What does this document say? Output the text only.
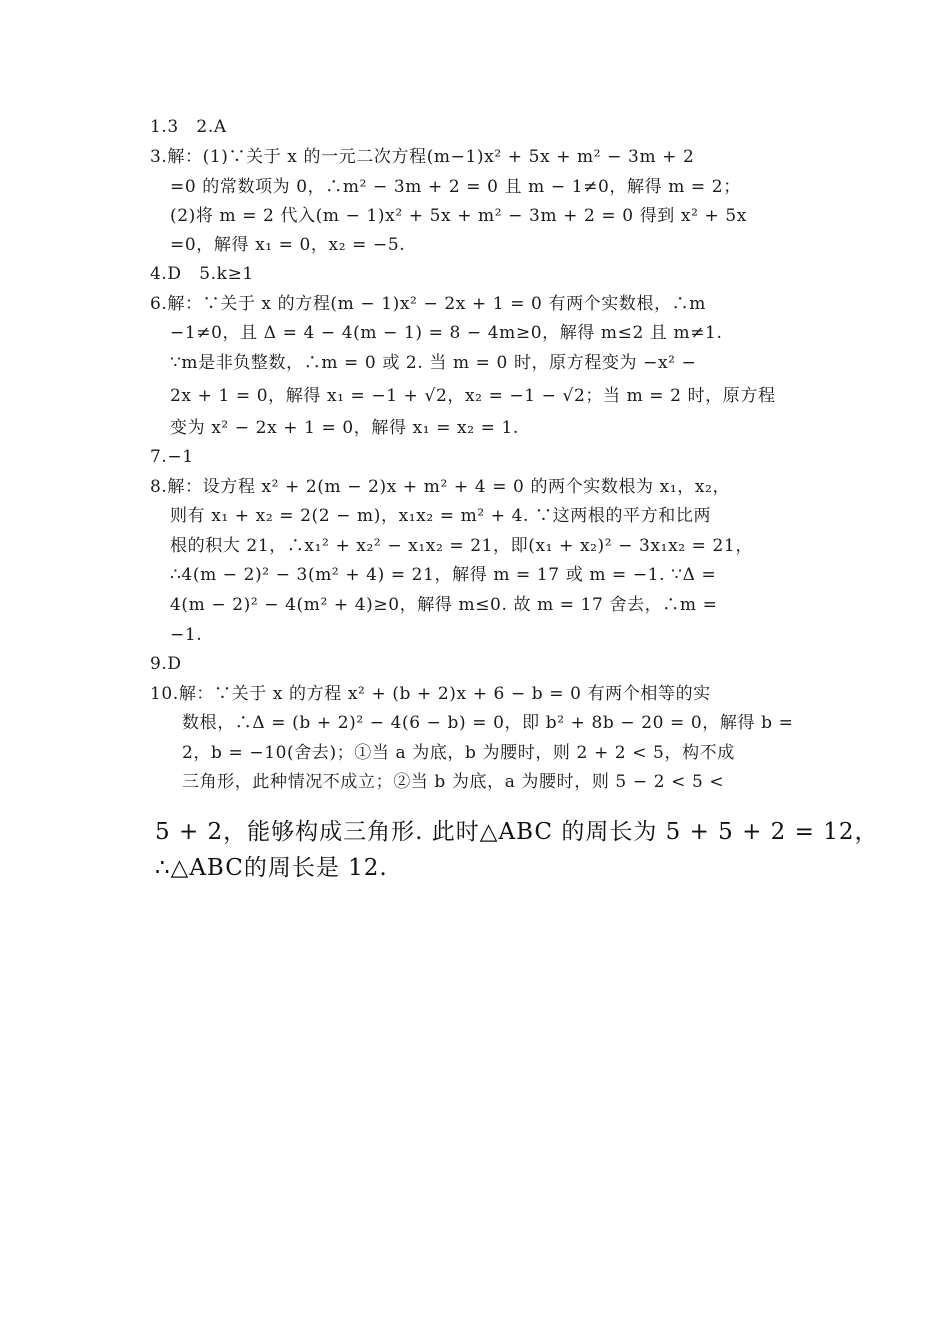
1.3　2.A
3.解：(1)∵关于 x 的一元二次方程(m−1)x² + 5x + m² − 3m + 2
=0 的常数项为 0，∴m² − 3m + 2 = 0 且 m − 1≠0，解得 m = 2；
(2)将 m = 2 代入(m − 1)x² + 5x + m² − 3m + 2 = 0 得到 x² + 5x
=0，解得 x₁ = 0，x₂ = −5.
4.D　5.k≥1
6.解：∵关于 x 的方程(m − 1)x² − 2x + 1 = 0 有两个实数根，∴m
−1≠0，且 Δ = 4 − 4(m − 1) = 8 − 4m≥0，解得 m≤2 且 m≠1.
∵m是非负整数，∴m = 0 或 2. 当 m = 0 时，原方程变为 −x² −
2x + 1 = 0，解得 x₁ = −1 + √2，x₂ = −1 − √2；当 m = 2 时，原方程
变为 x² − 2x + 1 = 0，解得 x₁ = x₂ = 1.
7.−1
8.解：设方程 x² + 2(m − 2)x + m² + 4 = 0 的两个实数根为 x₁，x₂，
则有 x₁ + x₂ = 2(2 − m)，x₁x₂ = m² + 4. ∵这两根的平方和比两
根的积大 21，∴x₁² + x₂² − x₁x₂ = 21，即(x₁ + x₂)² − 3x₁x₂ = 21，
∴4(m − 2)² − 3(m² + 4) = 21，解得 m = 17 或 m = −1. ∵Δ =
4(m − 2)² − 4(m² + 4)≥0，解得 m≤0. 故 m = 17 舍去，∴m =
−1.
9.D
10.解：∵关于 x 的方程 x² + (b + 2)x + 6 − b = 0 有两个相等的实
数根，∴Δ = (b + 2)² − 4(6 − b) = 0，即 b² + 8b − 20 = 0，解得 b =
2，b = −10(舍去)；①当 a 为底，b 为腰时，则 2 + 2 < 5，构不成
三角形，此种情况不成立；②当 b 为底，a 为腰时，则 5 − 2 < 5 <
5 + 2，能够构成三角形. 此时△ABC 的周长为 5 + 5 + 2 = 12，
∴△ABC的周长是 12.
